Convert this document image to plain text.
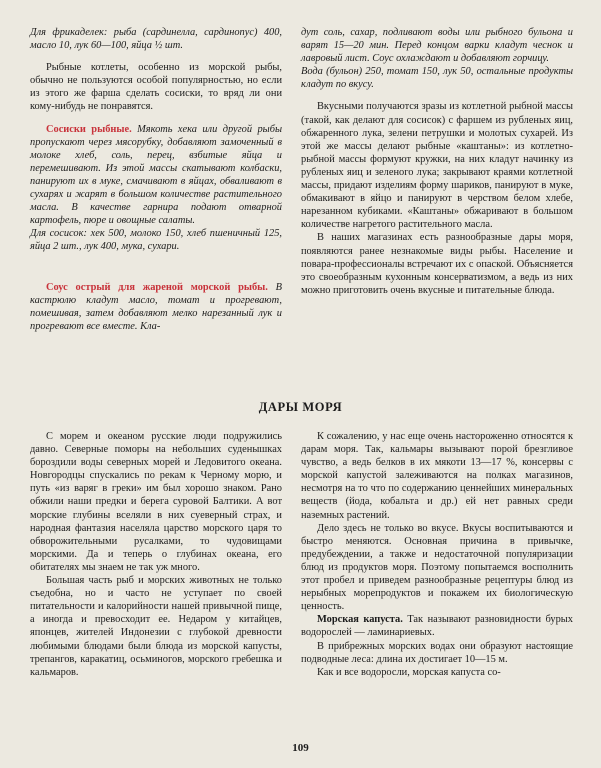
Для фрикаделек: рыба (сардинелла, сардинопус) 400, масло 10, лук 60—100, яйца ½ шт.

Рыбные котлеты, особенно из морской рыбы, обычно не пользуются особой популярностью, но если из этого же фарша сделать сосиски, то вряд ли они кому-нибудь не понравятся.

Сосиски рыбные. Мякоть хека или другой рыбы пропускают через мясорубку, добавляют замоченный в молоке хлеб, соль, перец, взбитые яйца и перемешивают. Из этой массы скатывают колбаски, панируют их в муке, смачивают в яйцах, обваливают в сухарях и жарят в большом количестве растительного масла. В качестве гарнира подают отварной картофель, пюре и овощные салаты.

Для сосисок: хек 500, молоко 150, хлеб пшеничный 125, яйца 2 шт., лук 400, мука, сухари.

Соус острый для жареной морской рыбы. В кастрюлю кладут масло, томат и прогревают, помешивая, затем добавляют мелко нарезанный лук и прогревают все вместе. Кла-

дут соль, сахар, подливают воды или рыбного бульона и варят 15—20 мин. Перед концом варки кладут чеснок и лавровый лист. Соус охлаждают и добавляют горчицу.

Вода (бульон) 250, томат 150, лук 50, остальные продукты кладут по вкусу.

Вкусными получаются зразы из котлетной рыбной массы (такой, как делают для сосисок) с фаршем из рубленых яиц, обжаренного лука, зелени петрушки и молотых сухарей. Из этой же массы делают рыбные «каштаны»: из котлетно-рыбной массы формуют кружки, на них кладут начинку из рубленых яиц и зеленого лука; закрывают краями котлетной массы, придают изделиям форму шариков, панируют в муке, обмакивают в яйцо и панируют в черством белом хлебе, нарезанном кубиками. «Каштаны» обжаривают в большом количестве нагретого растительного масла.

В наших магазинах есть разнообразные дары моря, появляются ранее незнакомые виды рыбы. Население и повара-профессионалы встречают их с опаской. Объясняется это своеобразным кухонным консерватизмом, а ведь из них можно приготовить очень вкусные и питательные блюда.

ДАРЫ МОРЯ

С морем и океаном русские люди подружились давно. Северные поморы на небольших суденышках бороздили воды северных морей и Ледовитого океана. Новгородцы спускались по рекам к Черному морю, и путь «из варяг в греки» им был хорошо знаком. Рано обжили наши предки и берега суровой Балтики. А вот морские глубины вселяли в них суеверный страх, и народная фантазия населяла царство морского царя то обворожительными русалками, то чудовищами морскими. Да и теперь о глубинах океана, его обитателях мы знаем не так уж много.

Большая часть рыб и морских животных не только съедобна, но и часто не уступает по своей питательности и калорийности нашей привычной пище, а иногда и превосходит ее. Недаром у китайцев, японцев, жителей Индонезии с глубокой древности любимыми блюдами были блюда из морской капусты, трепангов, каракатиц, осьминогов, морского гребешка и кальмаров.

К сожалению, у нас еще очень настороженно относятся к дарам моря. Так, кальмары вызывают порой брезгливое чувство, а ведь белков в их мякоти 13—17 %, консервы с морской капустой залеживаются на полках магазинов, несмотря на то что по содержанию ценнейших минеральных веществ (йода, кобальта и др.) ей нет равных среди наземных растений.

Дело здесь не только во вкусе. Вкусы воспитываются и быстро меняются. Основная причина в привычке, предубеждении, а также и недостаточной популяризации блюд из продуктов моря. Поэтому попытаемся восполнить этот пробел и приведем разнообразные рецептуры блюд из нерыбных морепродуктов и покажем их биологическую ценность.

Морская капуста. Так называют разновидности бурых водорослей — ламинариевых.

В прибрежных морских водах они образуют настоящие подводные леса: длина их достигает 10—15 м.

Как и все водоросли, морская капуста со-

109
